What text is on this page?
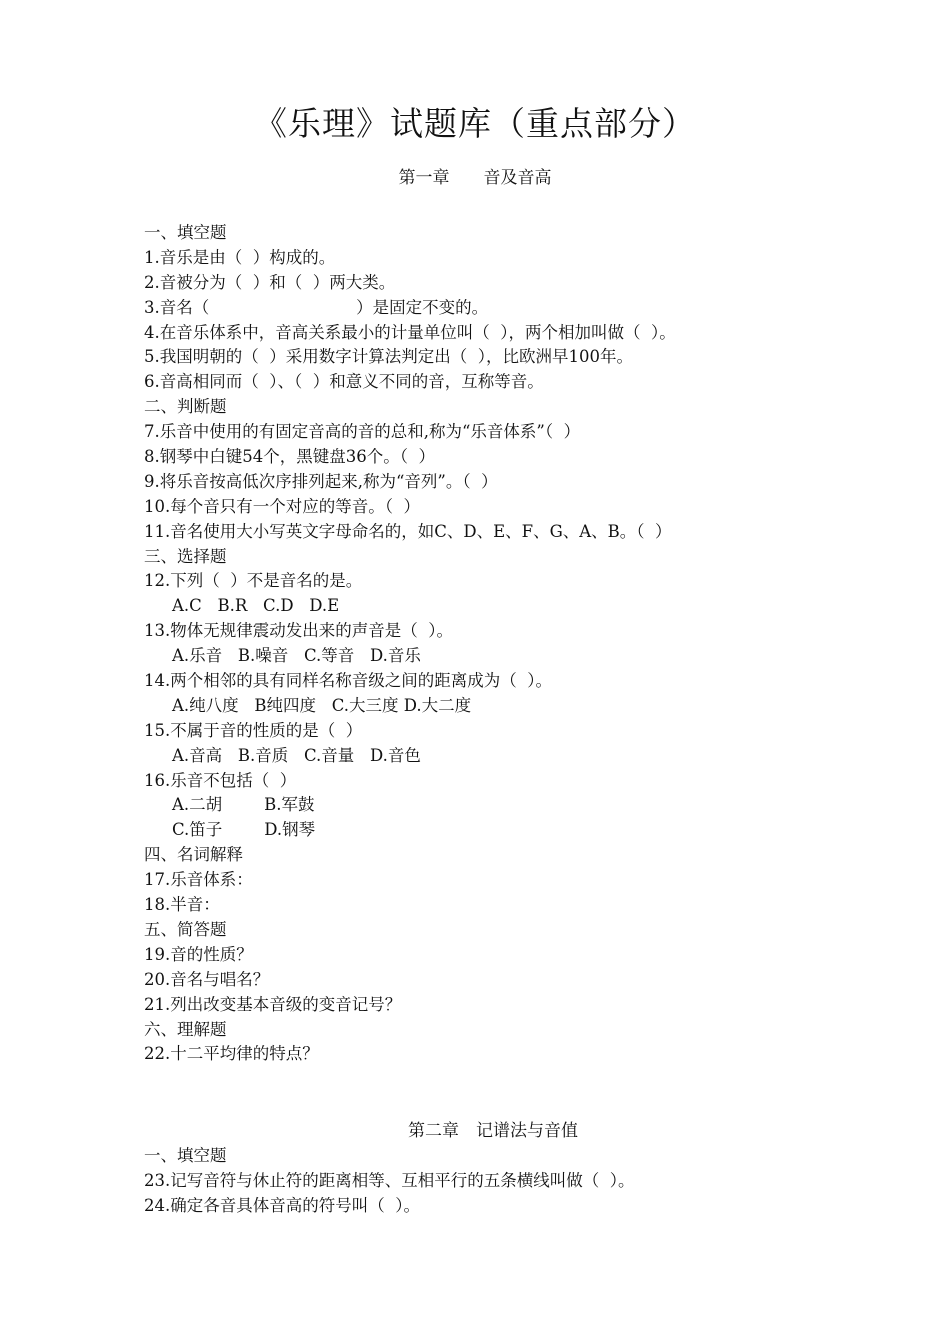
《乐理》试题库（重点部分）
第一章　　音及音高
一、填空题
1.音乐是由（  ）构成的。
2.音被分为（  ）和（  ）两大类。
3.音名（                            ）是固定不变的。
4.在音乐体系中，音高关系最小的计量单位叫（  ），两个相加叫做（  ）。
5.我国明朝的（  ）采用数字计算法判定出（  ），比欧洲早100年。
6.音高相同而（  ）、（  ）和意义不同的音，互称等音。
二、判断题
7.乐音中使用的有固定音高的音的总和,称为“乐音体系”（  ）
8.钢琴中白键54个，黑键盘36个。（  ）
9.将乐音按高低次序排列起来,称为“音列”。（  ）
10.每个音只有一个对应的等音。（  ）
11.音名使用大小写英文字母命名的，如C、D、E、F、G、A、B。（  ）
三、选择题
12.下列（  ）不是音名的是。
A.C   B.R   C.D   D.E
13.物体无规律震动发出来的声音是（  ）。
A.乐音   B.噪音   C.等音   D.音乐
14.两个相邻的具有同样名称音级之间的距离成为（  ）。
A.纯八度   B纯四度   C.大三度 D.大二度
15.不属于音的性质的是（  ）
A.音高   B.音质   C.音量   D.音色
16.乐音不包括（  ）
A.二胡        B.军鼓
C.笛子        D.钢琴
四、名词解释
17.乐音体系：
18.半音：
五、简答题
19.音的性质？
20.音名与唱名？
21.列出改变基本音级的变音记号？
六、理解题
22.十二平均律的特点？
第二章　记谱法与音值
一、填空题
23.记写音符与休止符的距离相等、互相平行的五条横线叫做（  ）。
24.确定各音具体音高的符号叫（  ）。
